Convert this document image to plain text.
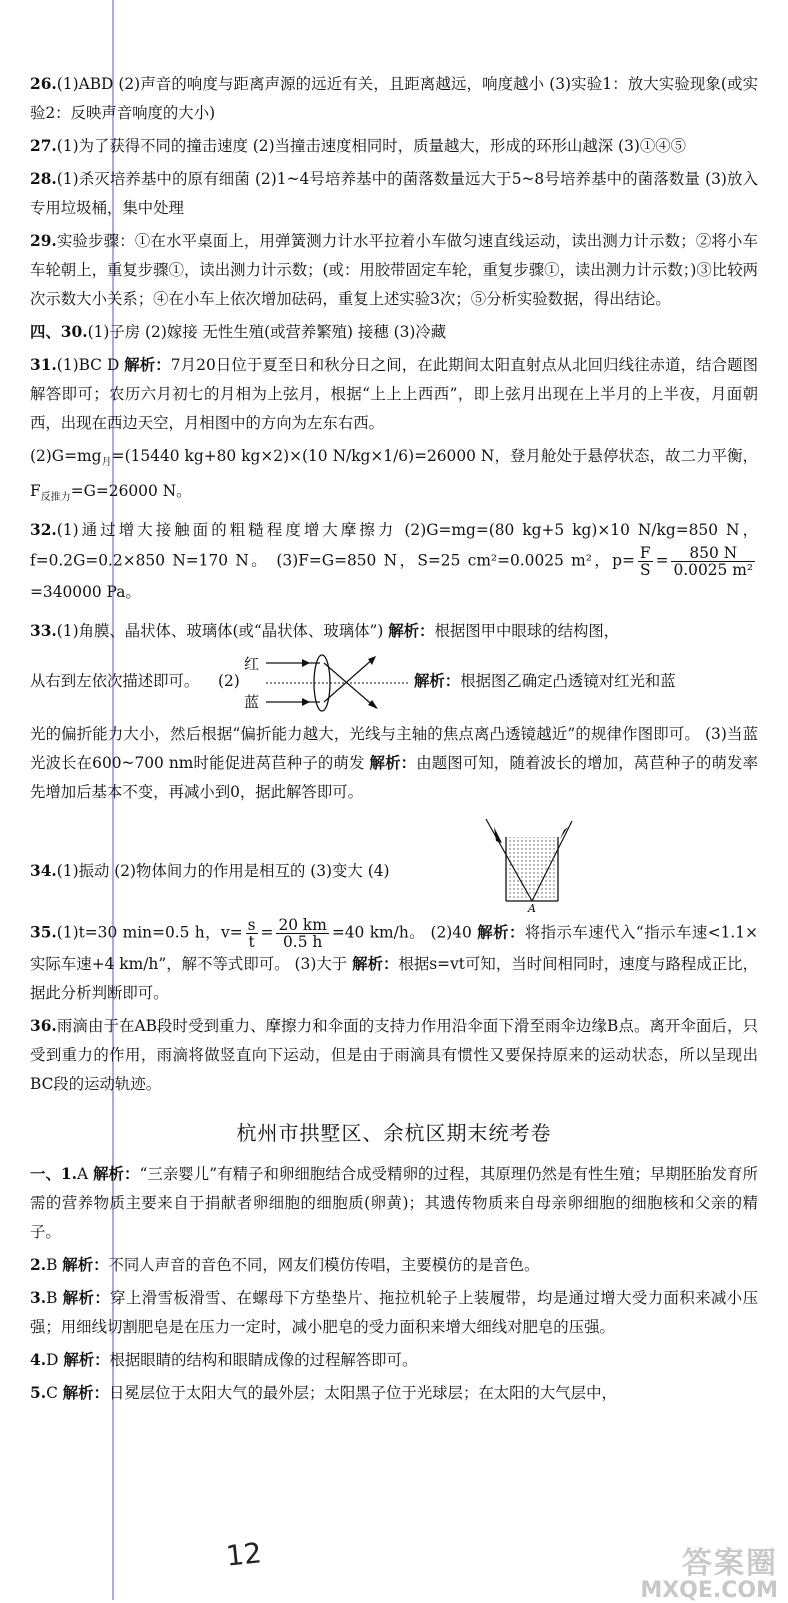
26.(1)ABD (2)声音的响度与距离声源的远近有关，且距离越远，响度越小 (3)实验1：放大实验现象(或实验2：反映声音响度的大小)

27.(1)为了获得不同的撞击速度 (2)当撞击速度相同时，质量越大，形成的环形山越深 (3)①④⑤

28.(1)杀灭培养基中的原有细菌 (2)1~4号培养基中的菌落数量远大于5~8号培养基中的菌落数量 (3)放入专用垃圾桶，集中处理

29.实验步骤：①在水平桌面上，用弹簧测力计水平拉着小车做匀速直线运动，读出测力计示数；②将小车车轮朝上，重复步骤①，读出测力计示数；(或：用胶带固定车轮，重复步骤①，读出测力计示数；)③比较两次示数大小关系；④在小车上依次增加砝码，重复上述实验3次；⑤分析实验数据，得出结论。

四、30.(1)子房 (2)嫁接 无性生殖(或营养繁殖) 接穗 (3)冷藏

31.(1)BC D 解析：7月20日位于夏至日和秋分日之间，在此期间太阳直射点从北回归线往赤道，结合题图解答即可；农历六月初七的月相为上弦月，根据“上上上西西”，即上弦月出现在上半月的上半夜，月面朝西，出现在西边天空，月相图中的方向为左东右西。

$(2)G=mg_月=(15440$ kg+80 kg×2)×(10 N/kg×1/6)=26000 N，登月舱处于悬停状态，故二力平衡，$F_{反推力}=G=26000$ N。

32.(1)通过增大接触面的粗糙程度增大摩擦力 (2)G=mg=(80 kg+5 kg)×10 N/kg=850 N，f=0.2G=0.2×850 N=170 N。 (3)F=G=850 N，S=25 cm²=0.0025 m²，$p= \frac{F}{S} = \frac{850 N}{\text{0.0025 m²}}$
=340000 Pa。

33.(1)角膜、晶状体、玻璃体(或“晶状体、玻璃体”) 解析：根据图甲中眼球的结构图，

从右到左依次描述即可。 (2)
红
蓝
解析：根据图乙确定凸透镜对红光和蓝

光的偏折能力大小，然后根据“偏折能力越大，光线与主轴的焦点离凸透镜越近”的规律作图即可。 (3)当蓝光波长在600~700 nm时能促进莴苣种子的萌发 解析：由题图可知，随着波长的增加，莴苣种子的萌发率先增加后基本不变，再减小到0，据此解答即可。

34.(1)振动 (2)物体间力的作用是相互的 (3)变大 (4)
A

35.(1)t=30 min=0.5 h，$v= \frac{s}{t} = \frac{20 km}{0.5 h} =40$ km/h。 (2)40 解析：将指示车速代入“指示车速<1.1×实际车速+4 km/h”，解不等式即可。 (3)大于 解析：根据s=vt可知，当时间相同时，速度与路程成正比，据此分析判断即可。

36.雨滴由于在AB段时受到重力、摩擦力和伞面的支持力作用沿伞面下滑至雨伞边缘B点。离开伞面后，只受到重力的作用，雨滴将做竖直向下运动，但是由于雨滴具有惯性又要保持原来的运动状态，所以呈现出BC段的运动轨迹。

杭州市拱墅区、余杭区期末统考卷

一、1.A 解析：“三亲婴儿”有精子和卵细胞结合成受精卵的过程，其原理仍然是有性生殖；早期胚胎发育所需的营养物质主要来自于捐献者卵细胞的细胞质(卵黄)；其遗传物质来自母亲卵细胞的细胞核和父亲的精子。

2.B 解析：不同人声音的音色不同，网友们模仿传唱，主要模仿的是音色。

3.B 解析：穿上滑雪板滑雪、在螺母下方垫垫片、拖拉机轮子上装履带，均是通过增大受力面积来减小压强；用细线切割肥皂是在压力一定时，减小肥皂的受力面积来增大细线对肥皂的压强。

4.D 解析：根据眼睛的结构和眼睛成像的过程解答即可。

5.C 解析：日冕层位于太阳大气的最外层；太阳黑子位于光球层；在太阳的大气层中，

12	答案圈
MXQE.COM
